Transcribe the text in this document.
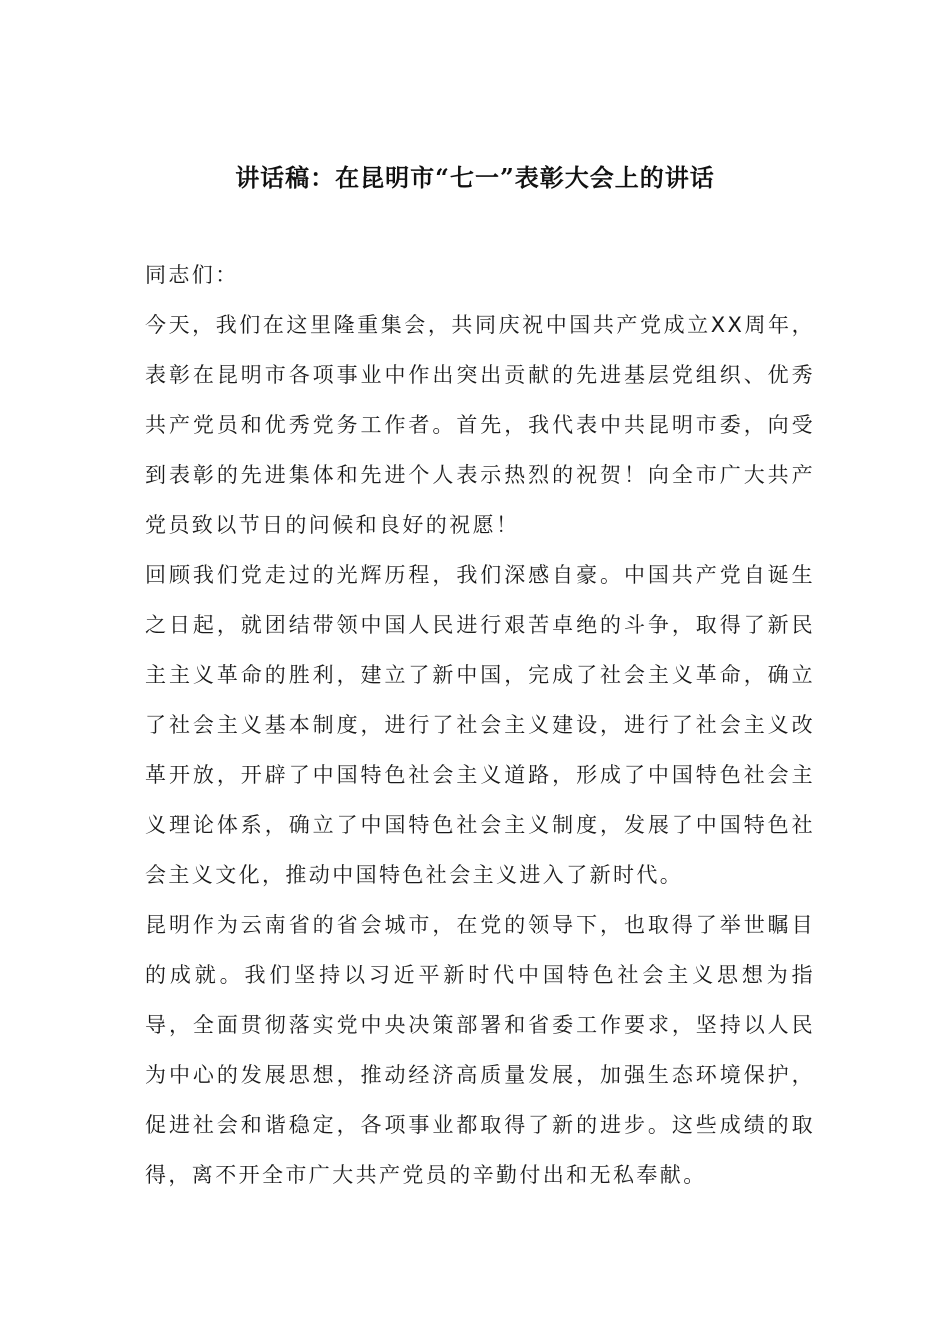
讲话稿：在昆明市“七一”表彰大会上的讲话

同志们：

今天，我们在这里隆重集会，共同庆祝中国共产党成立XX周年，表彰在昆明市各项事业中作出突出贡献的先进基层党组织、优秀共产党员和优秀党务工作者。首先，我代表中共昆明市委，向受到表彰的先进集体和先进个人表示热烈的祝贺！向全市广大共产党员致以节日的问候和良好的祝愿！

回顾我们党走过的光辉历程，我们深感自豪。中国共产党自诞生之日起，就团结带领中国人民进行艰苦卓绝的斗争，取得了新民主主义革命的胜利，建立了新中国，完成了社会主义革命，确立了社会主义基本制度，进行了社会主义建设，进行了社会主义改革开放，开辟了中国特色社会主义道路，形成了中国特色社会主义理论体系，确立了中国特色社会主义制度，发展了中国特色社会主义文化，推动中国特色社会主义进入了新时代。

昆明作为云南省的省会城市，在党的领导下，也取得了举世瞩目的成就。我们坚持以习近平新时代中国特色社会主义思想为指导，全面贯彻落实党中央决策部署和省委工作要求，坚持以人民为中心的发展思想，推动经济高质量发展，加强生态环境保护，促进社会和谐稳定，各项事业都取得了新的进步。这些成绩的取得，离不开全市广大共产党员的辛勤付出和无私奉献。
